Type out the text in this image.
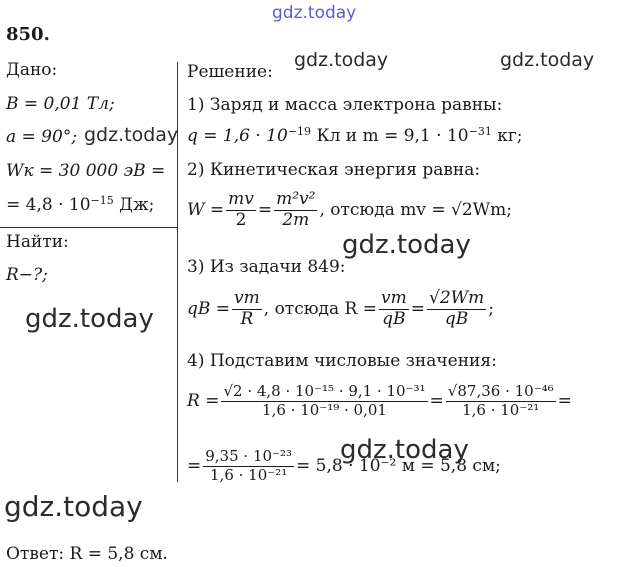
gdz.today
850.
Дано:
B = 0,01 Тл;
a = 90°;
Wк = 30 000 эВ =
= $4,8 \cdot 10^{-15}$ Дж;
Найти:
R−?;
Решение:
1) Заряд и масса электрона равны:
$q = 1,6 \cdot 10^{-19}$ Кл и $m = 9,1 \cdot 10^{-31}$ кг;
2) Кинетическая энергия равна:
$W = \frac{mv}{2} = \frac{\text{m²v²}}{2m}$ , отсюда mv = √2Wm;
3) Из задачи 849:
qB = $\frac{vm}{R}$ , отсюда $R = \frac{vm}{qB} = \frac{√2Wm}{qB}$ ;
4) Подставим числовые значения:
$R = \frac{\text{√2 · 4,8 · 10⁻¹⁵ · 9,1 · 10⁻³¹}}{\text{1,6 · 10⁻¹⁹ · 0,01}} = \frac{\text{√87,36 · 10⁻⁴⁶}}{\text{1,6 · 10⁻²¹}}$ =
= $\frac{\text{9,35 · 10⁻²³}}{\text{1,6 · 10⁻²¹}} = 5,8 \cdot 10^{-2}$ м = 5,8 см;
Ответ: R = 5,8 см.
gdz.today	gdz.today
gdz.today
gdz.today
gdz.today
gdz.today
gdz.today
